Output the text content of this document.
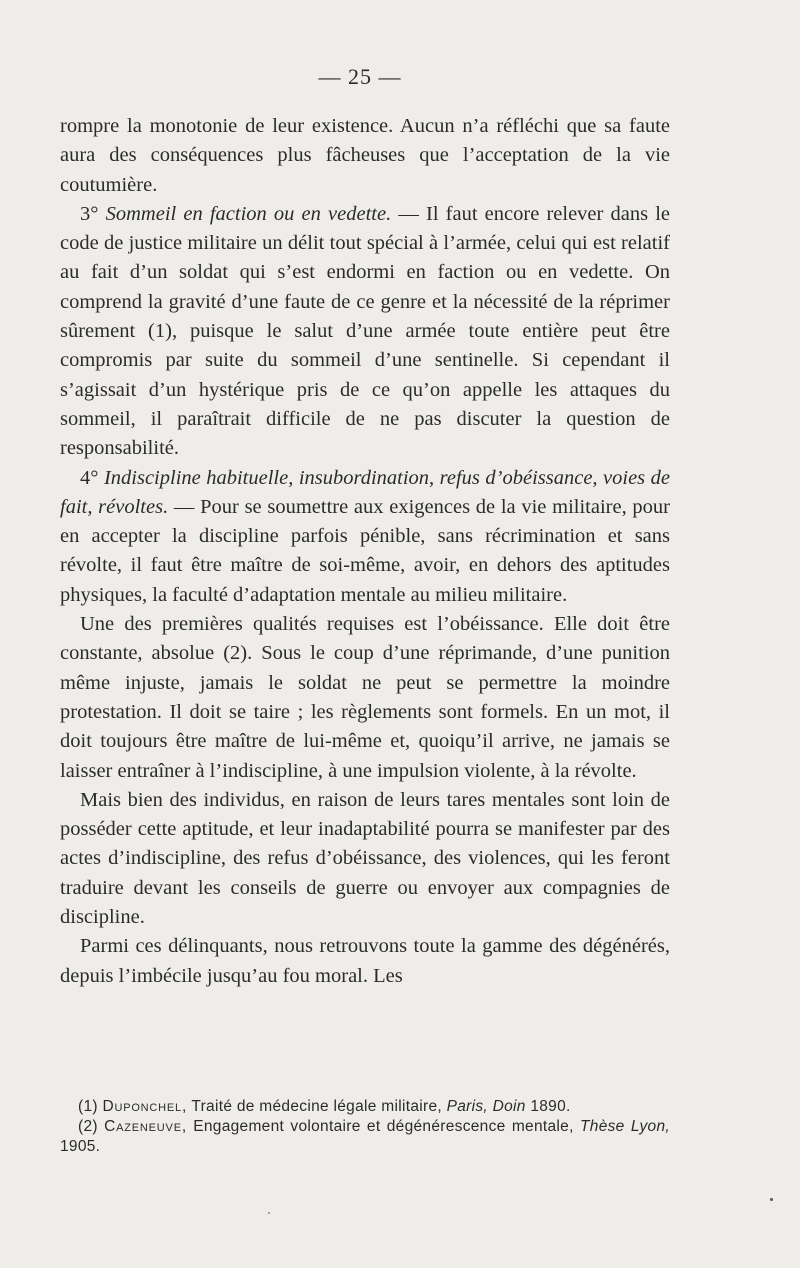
— 25 —

rompre la monotonie de leur existence. Aucun n’a réfléchi que sa faute aura des conséquences plus fâcheuses que l’acceptation de la vie coutumière.

3° Sommeil en faction ou en vedette. — Il faut encore relever dans le code de justice militaire un délit tout spécial à l’armée, celui qui est relatif au fait d’un soldat qui s’est endormi en faction ou en vedette. On comprend la gravité d’une faute de ce genre et la nécessité de la réprimer sûrement (1), puisque le salut d’une armée toute entière peut être compromis par suite du sommeil d’une sentinelle. Si cependant il s’agissait d’un hystérique pris de ce qu’on appelle les attaques du sommeil, il paraîtrait difficile de ne pas discuter la question de responsabilité.

4° Indiscipline habituelle, insubordination, refus d’obéissance, voies de fait, révoltes. — Pour se soumettre aux exigences de la vie militaire, pour en accepter la discipline parfois pénible, sans récrimination et sans révolte, il faut être maître de soi-même, avoir, en dehors des aptitudes physiques, la faculté d’adaptation mentale au milieu militaire.

Une des premières qualités requises est l’obéissance. Elle doit être constante, absolue (2). Sous le coup d’une réprimande, d’une punition même injuste, jamais le soldat ne peut se permettre la moindre protestation. Il doit se taire ; les règlements sont formels. En un mot, il doit toujours être maître de lui-même et, quoiqu’il arrive, ne jamais se laisser entraîner à l’indiscipline, à une impulsion violente, à la révolte.

Mais bien des individus, en raison de leurs tares mentales sont loin de posséder cette aptitude, et leur inadaptabilité pourra se manifester par des actes d’indiscipline, des refus d’obéissance, des violences, qui les feront traduire devant les conseils de guerre ou envoyer aux compagnies de discipline.

Parmi ces délinquants, nous retrouvons toute la gamme des dégénérés, depuis l’imbécile jusqu’au fou moral. Les

(1) Duponchel, Traité de médecine légale militaire, Paris, Doin 1890.

(2) Cazeneuve, Engagement volontaire et dégénérescence mentale, Thèse Lyon, 1905.
